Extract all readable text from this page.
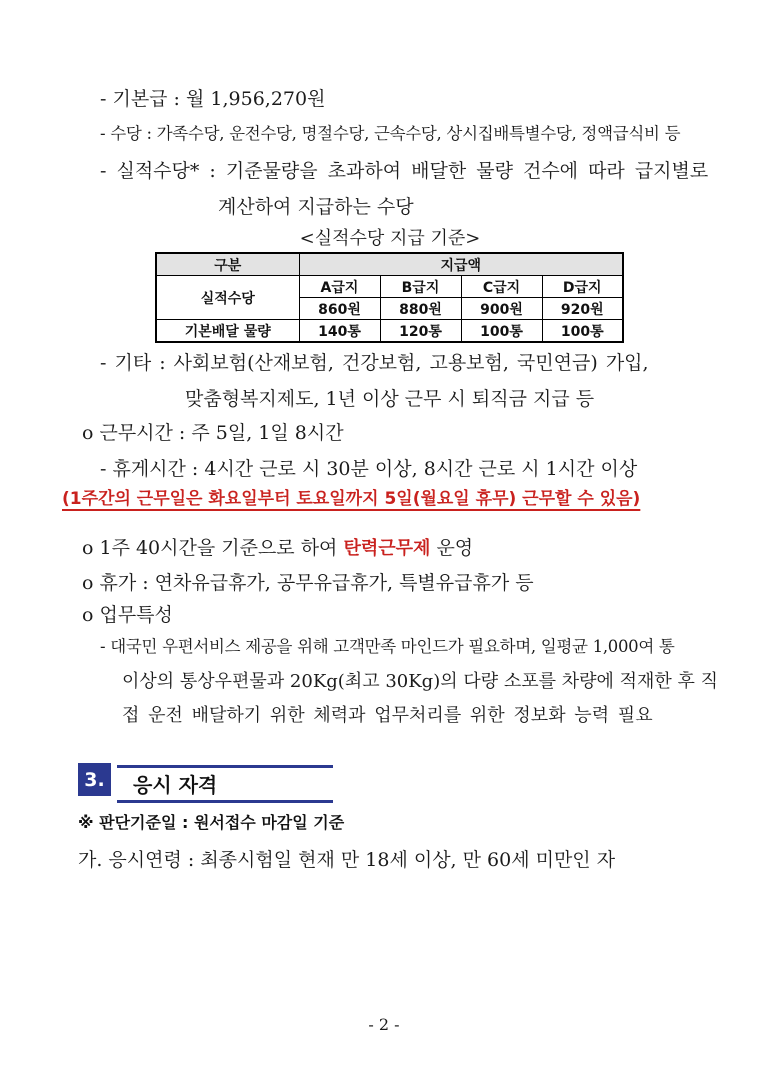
- 기본급 : 월 1,956,270원
- 수당 : 가족수당, 운전수당, 명절수당, 근속수당, 상시집배특별수당, 정액급식비 등
- 실적수당* : 기준물량을 초과하여 배달한 물량 건수에 따라 급지별로
계산하여 지급하는 수당
<실적수당 지급 기준>
구분	지급액			
실적수당	A급지	B급지	C급지	D급지
	860원	880원	900원	920원
기본배달 물량	140통	120통	100통	100통
- 기타 : 사회보험(산재보험, 건강보험, 고용보험, 국민연금) 가입,
맞춤형복지제도, 1년 이상 근무 시 퇴직금 지급 등
o 근무시간 : 주 5일, 1일 8시간
- 휴게시간 : 4시간 근로 시 30분 이상, 8시간 근로 시 1시간 이상
(1주간의 근무일은 화요일부터 토요일까지 5일(월요일 휴무) 근무할 수 있음)
o 1주 40시간을 기준으로 하여 탄력근무제 운영
o 휴가 : 연차유급휴가, 공무유급휴가, 특별유급휴가 등
o 업무특성
- 대국민 우편서비스 제공을 위해 고객만족 마인드가 필요하며, 일평균 1,000여 통
이상의 통상우편물과 20Kg(최고 30Kg)의 다량 소포를 차량에 적재한 후 직
접 운전 배달하기 위한 체력과 업무처리를 위한 정보화 능력 필요
3.	응시 자격
※ 판단기준일 : 원서접수 마감일 기준
가. 응시연령 : 최종시험일 현재 만 18세 이상, 만 60세 미만인 자
- 2 -
